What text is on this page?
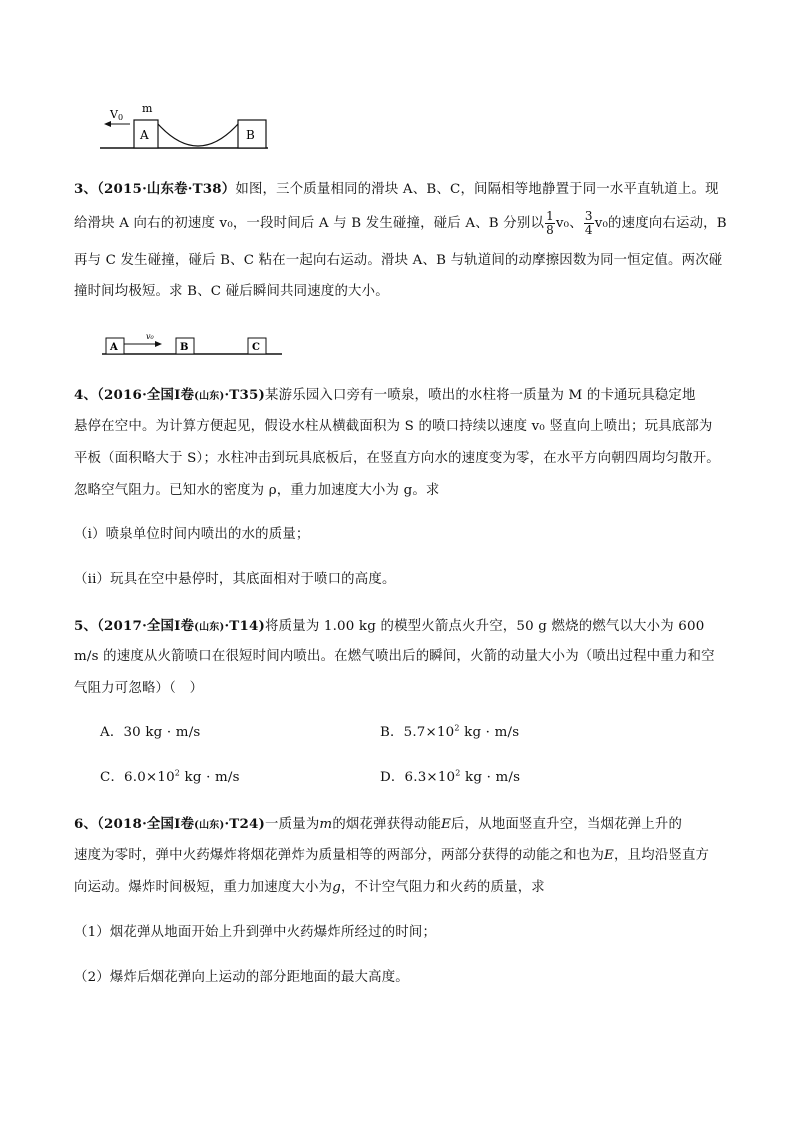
V0
m
A	B
3、（2015·山东卷·T38）如图，三个质量相同的滑块 A、B、C，间隔相等地静置于同一水平直轨道上。现
给滑块 A 向右的初速度 v₀，一段时间后 A 与 B 发生碰撞，碰后 A、B 分别以 $\frac{1}{8} v_0$、 $\frac{3}{4} v_0$的速度向右运动，B
再与 C 发生碰撞，碰后 B、C 粘在一起向右运动。滑块 A、B 与轨道间的动摩擦因数为同一恒定值。两次碰
撞时间均极短。求 B、C 碰后瞬间共同速度的大小。
v₀
A	B	C
4、（2016·全国Ⅰ卷(山东)·T35)某游乐园入口旁有一喷泉，喷出的水柱将一质量为 M 的卡通玩具稳定地
悬停在空中。为计算方便起见，假设水柱从横截面积为 S 的喷口持续以速度 v₀ 竖直向上喷出；玩具底部为
平板（面积略大于 S）；水柱冲击到玩具底板后，在竖直方向水的速度变为零，在水平方向朝四周均匀散开。
忽略空气阻力。已知水的密度为 ρ，重力加速度大小为 g。求
（i）喷泉单位时间内喷出的水的质量；
（ii）玩具在空中悬停时，其底面相对于喷口的高度。
5、（2017·全国Ⅰ卷(山东)·T14)将质量为 1.00 kg 的模型火箭点火升空，50 g 燃烧的燃气以大小为 600
m/s 的速度从火箭喷口在很短时间内喷出。在燃气喷出后的瞬间，火箭的动量大小为（喷出过程中重力和空
气阻力可忽略）（　）
A．30 kg · m/s	B．$5.7\times 10^2$ kg · m/s
C．$6.0\times 10^2$ kg · m/s	D．$6.3\times 10^2$ kg · m/s
6、（2018·全国Ⅰ卷(山东)·T24)一质量为m的烟花弹获得动能E后，从地面竖直升空，当烟花弹上升的
速度为零时，弹中火药爆炸将烟花弹炸为质量相等的两部分，两部分获得的动能之和也为E，且均沿竖直方
向运动。爆炸时间极短，重力加速度大小为g，不计空气阻力和火药的质量，求
（1）烟花弹从地面开始上升到弹中火药爆炸所经过的时间；
（2）爆炸后烟花弹向上运动的部分距地面的最大高度。
